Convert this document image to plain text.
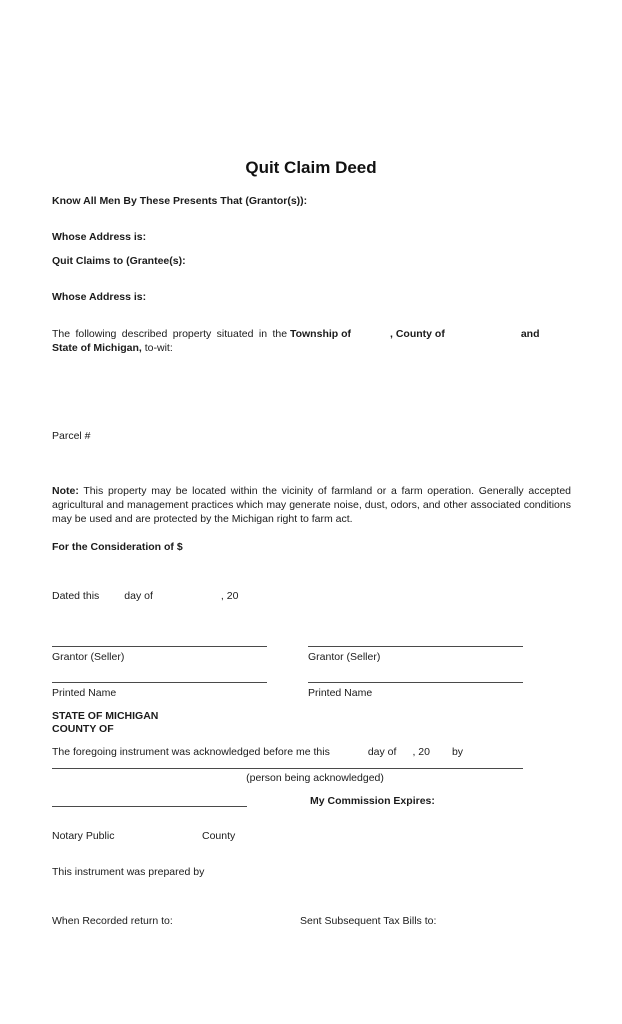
Quit Claim Deed
Know All Men By These Presents That (Grantor(s)):
Whose Address is:
Quit Claims to (Grantee(s):
Whose Address is:
The following described property situated in the Township of	, County of	and
State of Michigan, to-wit:
Parcel #
Note: This property may be located within the vicinity of farmland or a farm operation. Generally accepted agricultural and management practices which may generate noise, dust, odors, and other associated conditions may be used and are protected by the Michigan right to farm act.
For the Consideration of $
Dated this day of	, 20
Grantor (Seller)	Grantor (Seller)
Printed Name	Printed Name
STATE OF MICHIGAN
COUNTY OF
The foregoing instrument was acknowledged before me this	day of , 20 by
(person being acknowledged)
My Commission Expires:
Notary Public	County
This instrument was prepared by
When Recorded return to:	Sent Subsequent Tax Bills to:
